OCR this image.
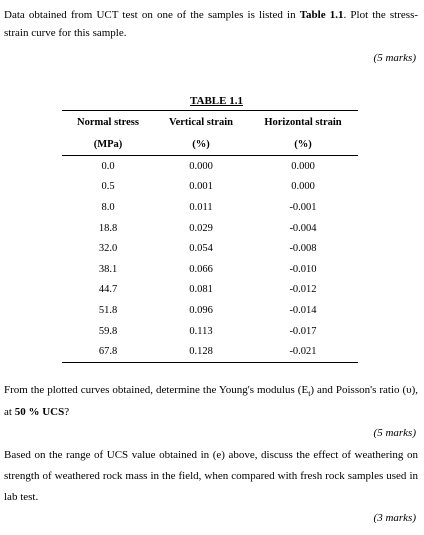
Data obtained from UCT test on one of the samples is listed in Table 1.1. Plot the stress-strain curve for this sample.
(5 marks)
TABLE 1.1
Normal stress	Vertical strain	Horizontal strain
(MPa)	(%)	(%)
0.0	0.000	0.000
0.5	0.001	0.000
8.0	0.011	-0.001
18.8	0.029	-0.004
32.0	0.054	-0.008
38.1	0.066	-0.010
44.7	0.081	-0.012
51.8	0.096	-0.014
59.8	0.113	-0.017
67.8	0.128	-0.021
From the plotted curves obtained, determine the Young's modulus $(E_t)$ and Poisson's ratio (υ), at 50 % UCS?
(5 marks)
Based on the range of UCS value obtained in (e) above, discuss the effect of weathering on strength of weathered rock mass in the field, when compared with fresh rock samples used in lab test.
(3 marks)
